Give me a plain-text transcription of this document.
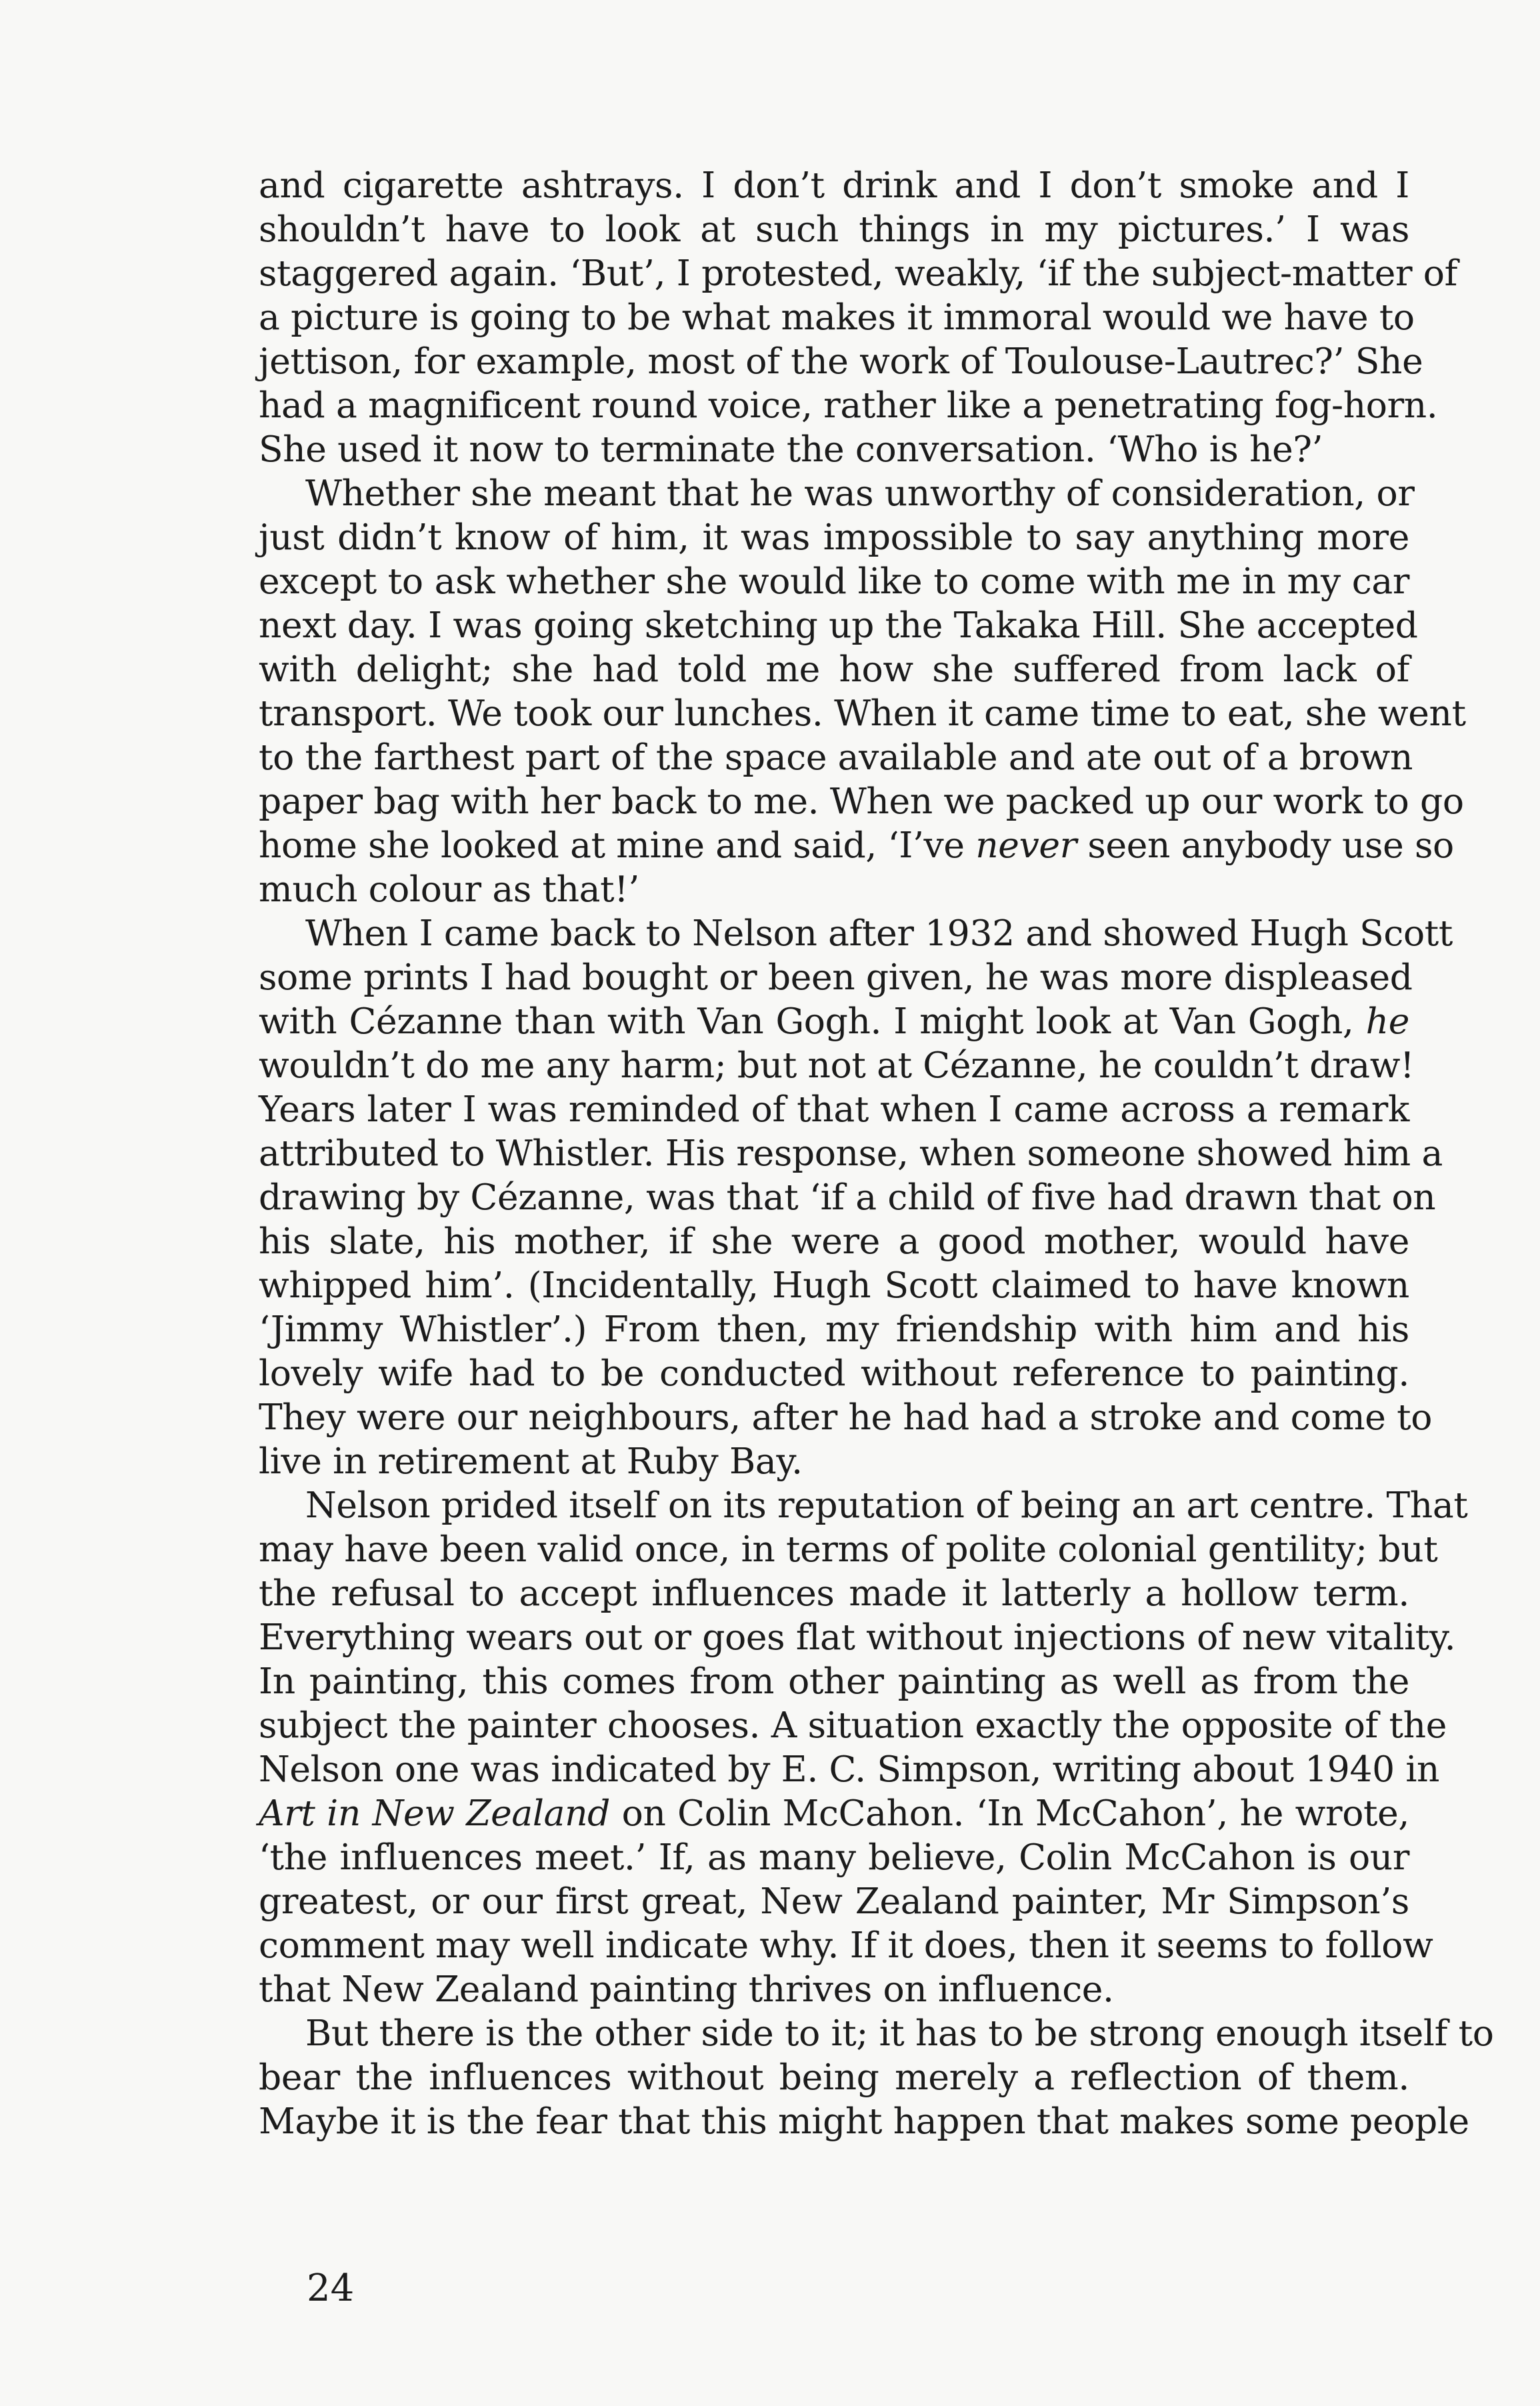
and cigarette ashtrays. I don’t drink and I don’t smoke and I
shouldn’t have to look at such things in my pictures.’ I was
staggered again. ‘But’, I protested, weakly, ‘if the subject-matter of
a picture is going to be what makes it immoral would we have to
jettison, for example, most of the work of Toulouse-Lautrec?’ She
had a magnificent round voice, rather like a penetrating fog-horn.
She used it now to terminate the conversation. ‘Who is he?’
Whether she meant that he was unworthy of consideration, or
just didn’t know of him, it was impossible to say anything more
except to ask whether she would like to come with me in my car
next day. I was going sketching up the Takaka Hill. She accepted
with delight; she had told me how she suffered from lack of
transport. We took our lunches. When it came time to eat, she went
to the farthest part of the space available and ate out of a brown
paper bag with her back to me. When we packed up our work to go
home she looked at mine and said, ‘I’ve never seen anybody use so
much colour as that!’
When I came back to Nelson after 1932 and showed Hugh Scott
some prints I had bought or been given, he was more displeased
with Cézanne than with Van Gogh. I might look at Van Gogh, he
wouldn’t do me any harm; but not at Cézanne, he couldn’t draw!
Years later I was reminded of that when I came across a remark
attributed to Whistler. His response, when someone showed him a
drawing by Cézanne, was that ‘if a child of five had drawn that on
his slate, his mother, if she were a good mother, would have
whipped him’. (Incidentally, Hugh Scott claimed to have known
‘Jimmy Whistler’.) From then, my friendship with him and his
lovely wife had to be conducted without reference to painting.
They were our neighbours, after he had had a stroke and come to
live in retirement at Ruby Bay.
Nelson prided itself on its reputation of being an art centre. That
may have been valid once, in terms of polite colonial gentility; but
the refusal to accept influences made it latterly a hollow term.
Everything wears out or goes flat without injections of new vitality.
In painting, this comes from other painting as well as from the
subject the painter chooses. A situation exactly the opposite of the
Nelson one was indicated by E. C. Simpson, writing about 1940 in
Art in New Zealand on Colin McCahon. ‘In McCahon’, he wrote,
‘the influences meet.’ If, as many believe, Colin McCahon is our
greatest, or our first great, New Zealand painter, Mr Simpson’s
comment may well indicate why. If it does, then it seems to follow
that New Zealand painting thrives on influence.
But there is the other side to it; it has to be strong enough itself to
bear the influences without being merely a reflection of them.
Maybe it is the fear that this might happen that makes some people
24
